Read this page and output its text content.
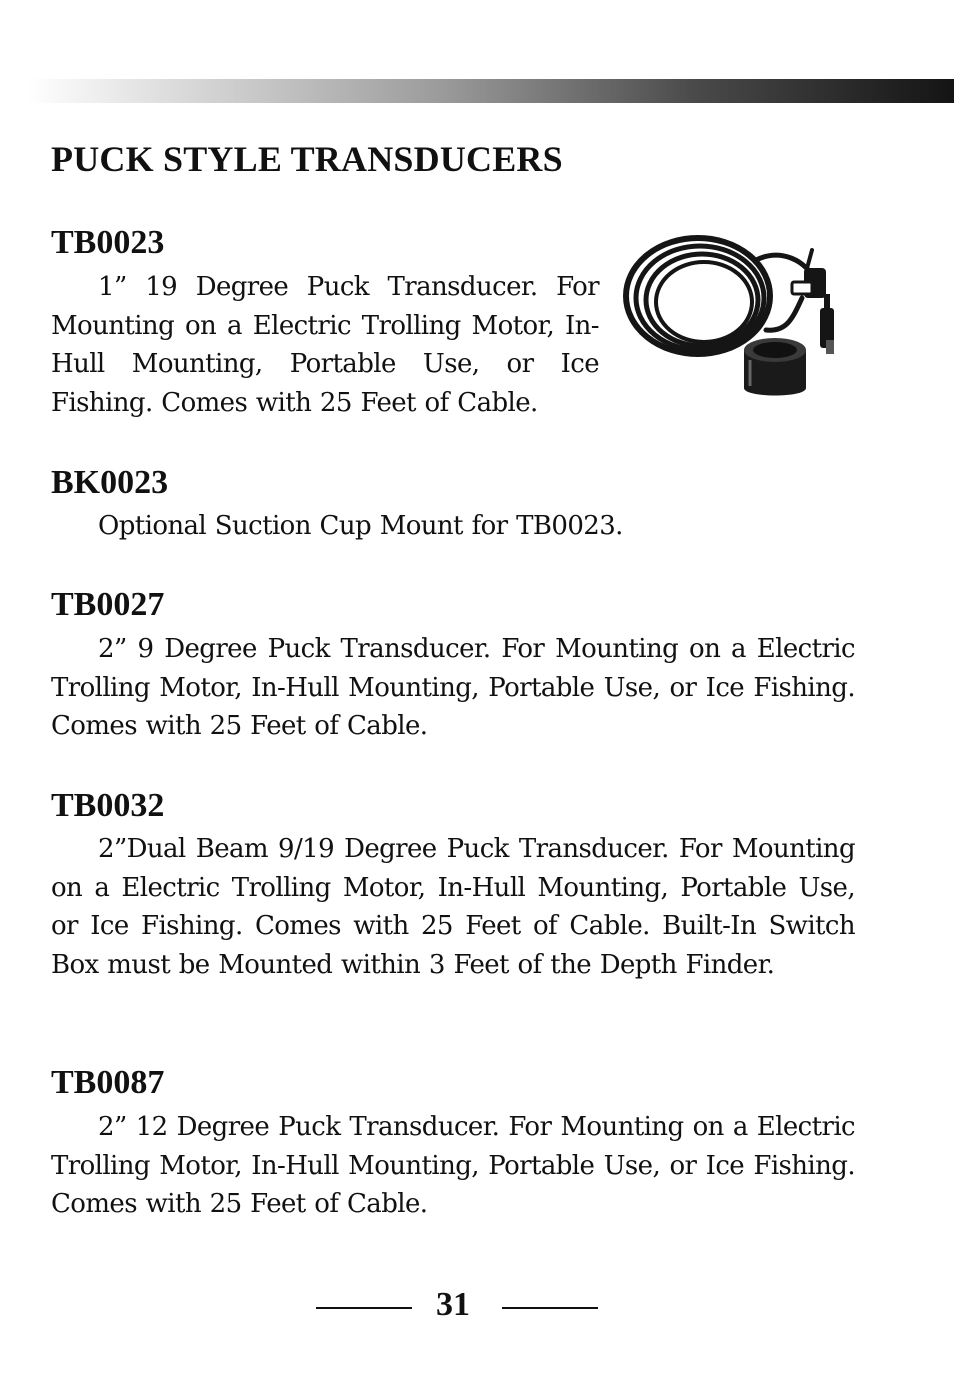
PUCK STYLE TRANSDUCERS
TB0023

1” 19 Degree Puck Transducer. For Mounting on a Electric Trolling Motor, In-Hull Mounting, Portable Use, or Ice Fishing. Comes with 25 Feet of Cable.

BK0023

Optional Suction Cup Mount for TB0023.

TB0027

2” 9 Degree Puck Transducer. For Mounting on a Electric Trolling Motor, In-Hull Mounting, Portable Use, or Ice Fishing. Comes with 25 Feet of Cable.

TB0032

2”Dual Beam 9/19 Degree Puck Transducer. For Mounting on a Electric Trolling Motor, In-Hull Mounting, Portable Use, or Ice Fishing. Comes with 25 Feet of Cable. Built-In Switch Box must be Mounted within 3 Feet of the Depth Finder.

TB0087

2” 12 Degree Puck Transducer. For Mounting on a Electric Trolling Motor, In-Hull Mounting, Portable Use, or Ice Fishing. Comes with 25 Feet of Cable.

31
